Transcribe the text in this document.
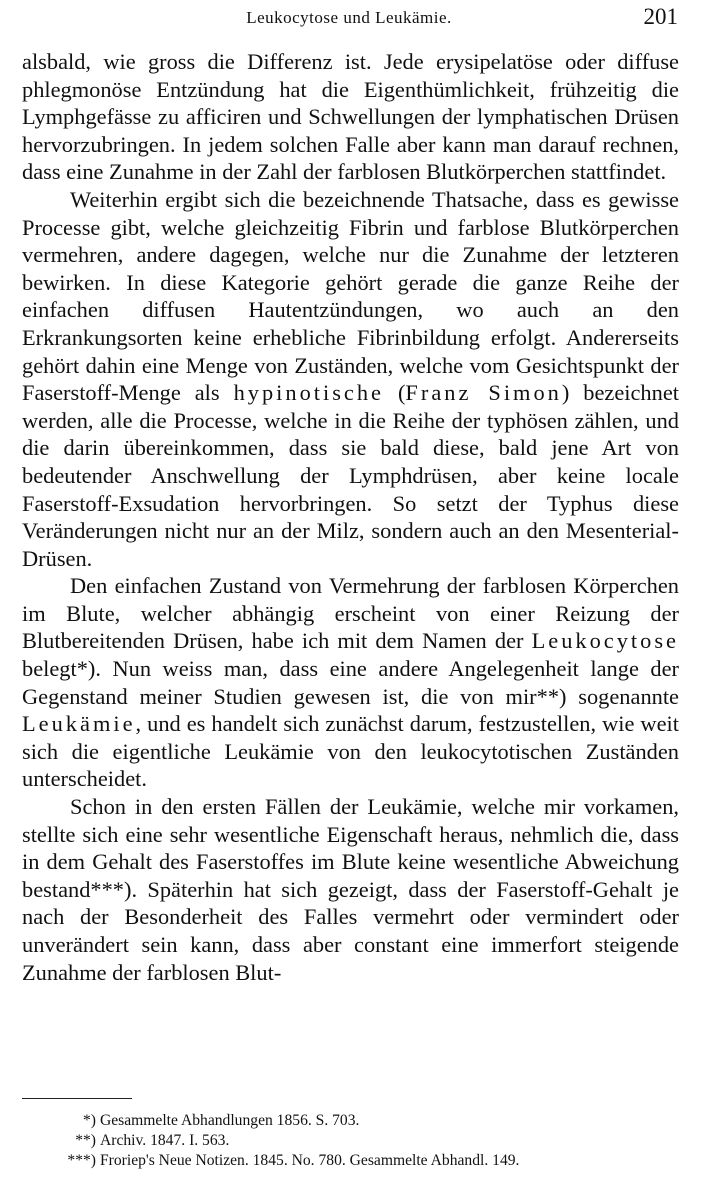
Leukocytose und Leukämie.	201

alsbald, wie gross die Differenz ist. Jede erysipelatöse oder diffuse phlegmonöse Entzündung hat die Eigenthümlichkeit, frühzeitig die Lymphgefässe zu afficiren und Schwellungen der lymphatischen Drüsen hervorzubringen. In jedem solchen Falle aber kann man darauf rechnen, dass eine Zunahme in der Zahl der farblosen Blutkörperchen stattfindet.

Weiterhin ergibt sich die bezeichnende Thatsache, dass es gewisse Processe gibt, welche gleichzeitig Fibrin und farblose Blutkörperchen vermehren, andere dagegen, welche nur die Zunahme der letzteren bewirken. In diese Kategorie gehört gerade die ganze Reihe der einfachen diffusen Hautentzündungen, wo auch an den Erkrankungsorten keine erhebliche Fibrinbildung erfolgt. Andererseits gehört dahin eine Menge von Zuständen, welche vom Gesichtspunkt der Faserstoff-Menge als hypinotische (Franz Simon) bezeichnet werden, alle die Processe, welche in die Reihe der typhösen zählen, und die darin übereinkommen, dass sie bald diese, bald jene Art von bedeutender Anschwellung der Lymphdrüsen, aber keine locale Faserstoff-Exsudation hervorbringen. So setzt der Typhus diese Veränderungen nicht nur an der Milz, sondern auch an den Mesenterial-Drüsen.

Den einfachen Zustand von Vermehrung der farblosen Körperchen im Blute, welcher abhängig erscheint von einer Reizung der Blutbereitenden Drüsen, habe ich mit dem Namen der Leukocytose belegt*). Nun weiss man, dass eine andere Angelegenheit lange der Gegenstand meiner Studien gewesen ist, die von mir**) sogenannte Leukämie, und es handelt sich zunächst darum, festzustellen, wie weit sich die eigentliche Leukämie von den leukocytotischen Zuständen unterscheidet.

Schon in den ersten Fällen der Leukämie, welche mir vorkamen, stellte sich eine sehr wesentliche Eigenschaft heraus, nehmlich die, dass in dem Gehalt des Faserstoffes im Blute keine wesentliche Abweichung bestand***). Späterhin hat sich gezeigt, dass der Faserstoff-Gehalt je nach der Besonderheit des Falles vermehrt oder vermindert oder unverändert sein kann, dass aber constant eine immerfort steigende Zunahme der farblosen Blut-

*) Gesammelte Abhandlungen 1856. S. 703.
**) Archiv. 1847. I. 563.
***) Froriep's Neue Notizen. 1845. No. 780. Gesammelte Abhandl. 149.
